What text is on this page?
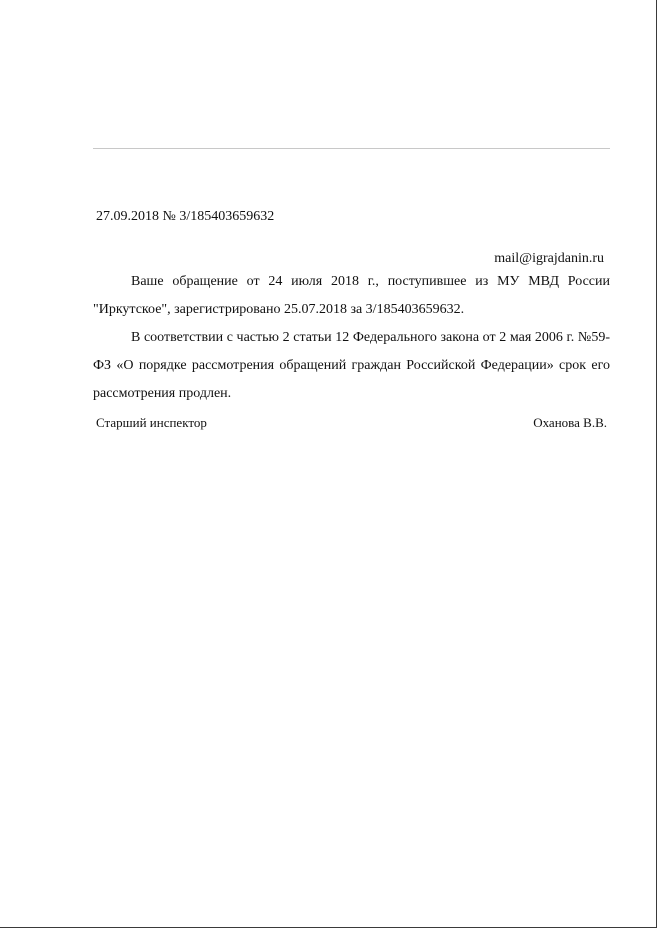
27.09.2018 № 3/185403659632
mail@igrajdanin.ru

Ваше обращение от 24 июля 2018 г., поступившее из МУ МВД России "Иркутское", зарегистрировано 25.07.2018 за 3/185403659632.

В соответствии с частью 2 статьи 12 Федерального закона от 2 мая 2006 г. №59-ФЗ «О порядке рассмотрения обращений граждан Российской Федерации» срок его рассмотрения продлен.

Старший инспектор	Оханова В.В.
